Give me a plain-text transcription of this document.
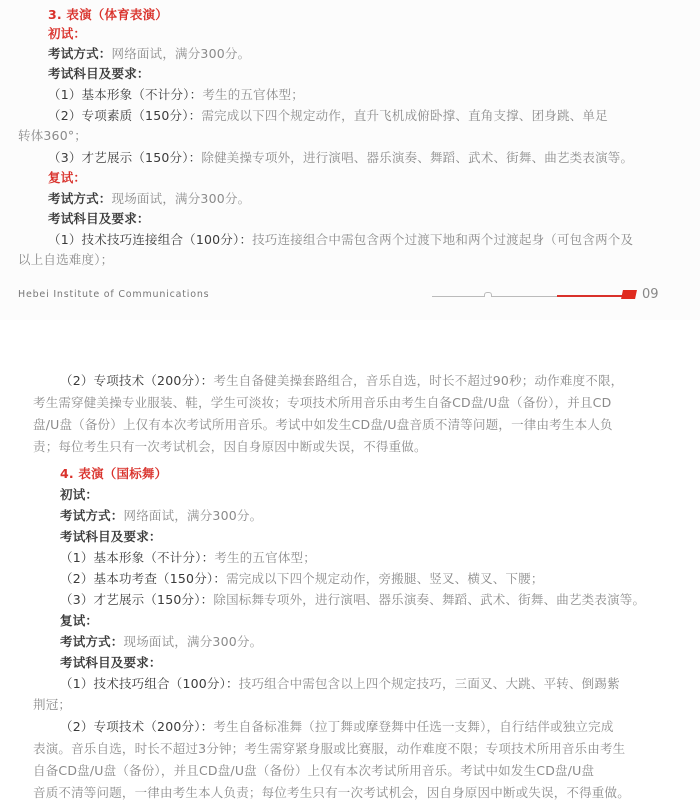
3. 表演（体育表演）
初试：
考试方式：网络面试，满分300分。
考试科目及要求：
（1）基本形象（不计分）：考生的五官体型；
（2）专项素质（150分）：需完成以下四个规定动作，直升飞机成俯卧撑、直角支撑、团身跳、单足
转体360°；
（3）才艺展示（150分）：除健美操专项外，进行演唱、器乐演奏、舞蹈、武术、街舞、曲艺类表演等。
复试：
考试方式：现场面试，满分300分。
考试科目及要求：
（1）技术技巧连接组合（100分）：技巧连接组合中需包含两个过渡下地和两个过渡起身（可包含两个及
以上自选难度）；
Hebei Institute of Communications	09
（2）专项技术（200分）：考生自备健美操套路组合，音乐自选，时长不超过90秒；动作难度不限，
考生需穿健美操专业服装、鞋，学生可淡妆；专项技术所用音乐由考生自备CD盘/U盘（备份），并且CD
盘/U盘（备份）上仅有本次考试所用音乐。考试中如发生CD盘/U盘音质不清等问题，一律由考生本人负
责；每位考生只有一次考试机会，因自身原因中断或失误，不得重做。
4. 表演（国标舞）
初试：
考试方式：网络面试，满分300分。
考试科目及要求：
（1）基本形象（不计分）：考生的五官体型；
（2）基本功考查（150分）：需完成以下四个规定动作，旁搬腿、竖叉、横叉、下腰；
（3）才艺展示（150分）：除国标舞专项外，进行演唱、器乐演奏、舞蹈、武术、街舞、曲艺类表演等。
复试：
考试方式：现场面试，满分300分。
考试科目及要求：
（1）技术技巧组合（100分）：技巧组合中需包含以上四个规定技巧，三面叉、大跳、平转、倒踢紫
荆冠；
（2）专项技术（200分）：考生自备标准舞（拉丁舞或摩登舞中任选一支舞），自行结伴或独立完成
表演。音乐自选，时长不超过3分钟；考生需穿紧身服或比赛服，动作难度不限；专项技术所用音乐由考生
自备CD盘/U盘（备份），并且CD盘/U盘（备份）上仅有本次考试所用音乐。考试中如发生CD盘/U盘
音质不清等问题，一律由考生本人负责；每位考生只有一次考试机会，因自身原因中断或失误，不得重做。
